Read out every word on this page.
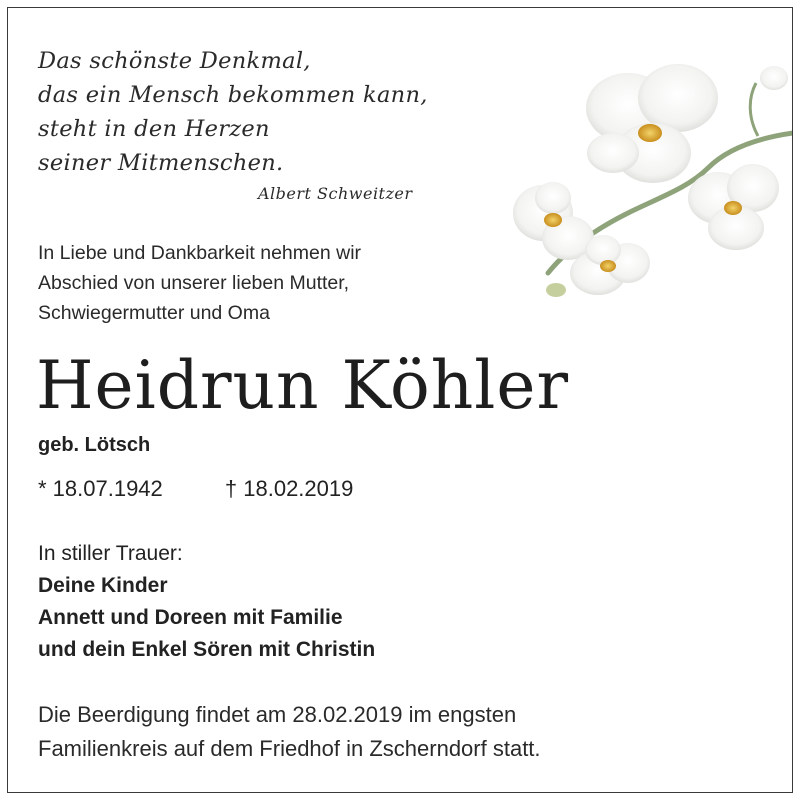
Das schönste Denkmal,
das ein Mensch bekommen kann,
steht in den Herzen
seiner Mitmenschen.
Albert Schweitzer
In Liebe und Dankbarkeit nehmen wir
Abschied von unserer lieben Mutter,
Schwiegermutter und Oma
Heidrun Köhler
geb. Lötsch
* 18.07.1942	† 18.02.2019
In stiller Trauer:
Deine Kinder
Annett und Doreen mit Familie
und dein Enkel Sören mit Christin
Die Beerdigung findet am 28.02.2019 im engsten
Familienkreis auf dem Friedhof in Zscherndorf statt.
